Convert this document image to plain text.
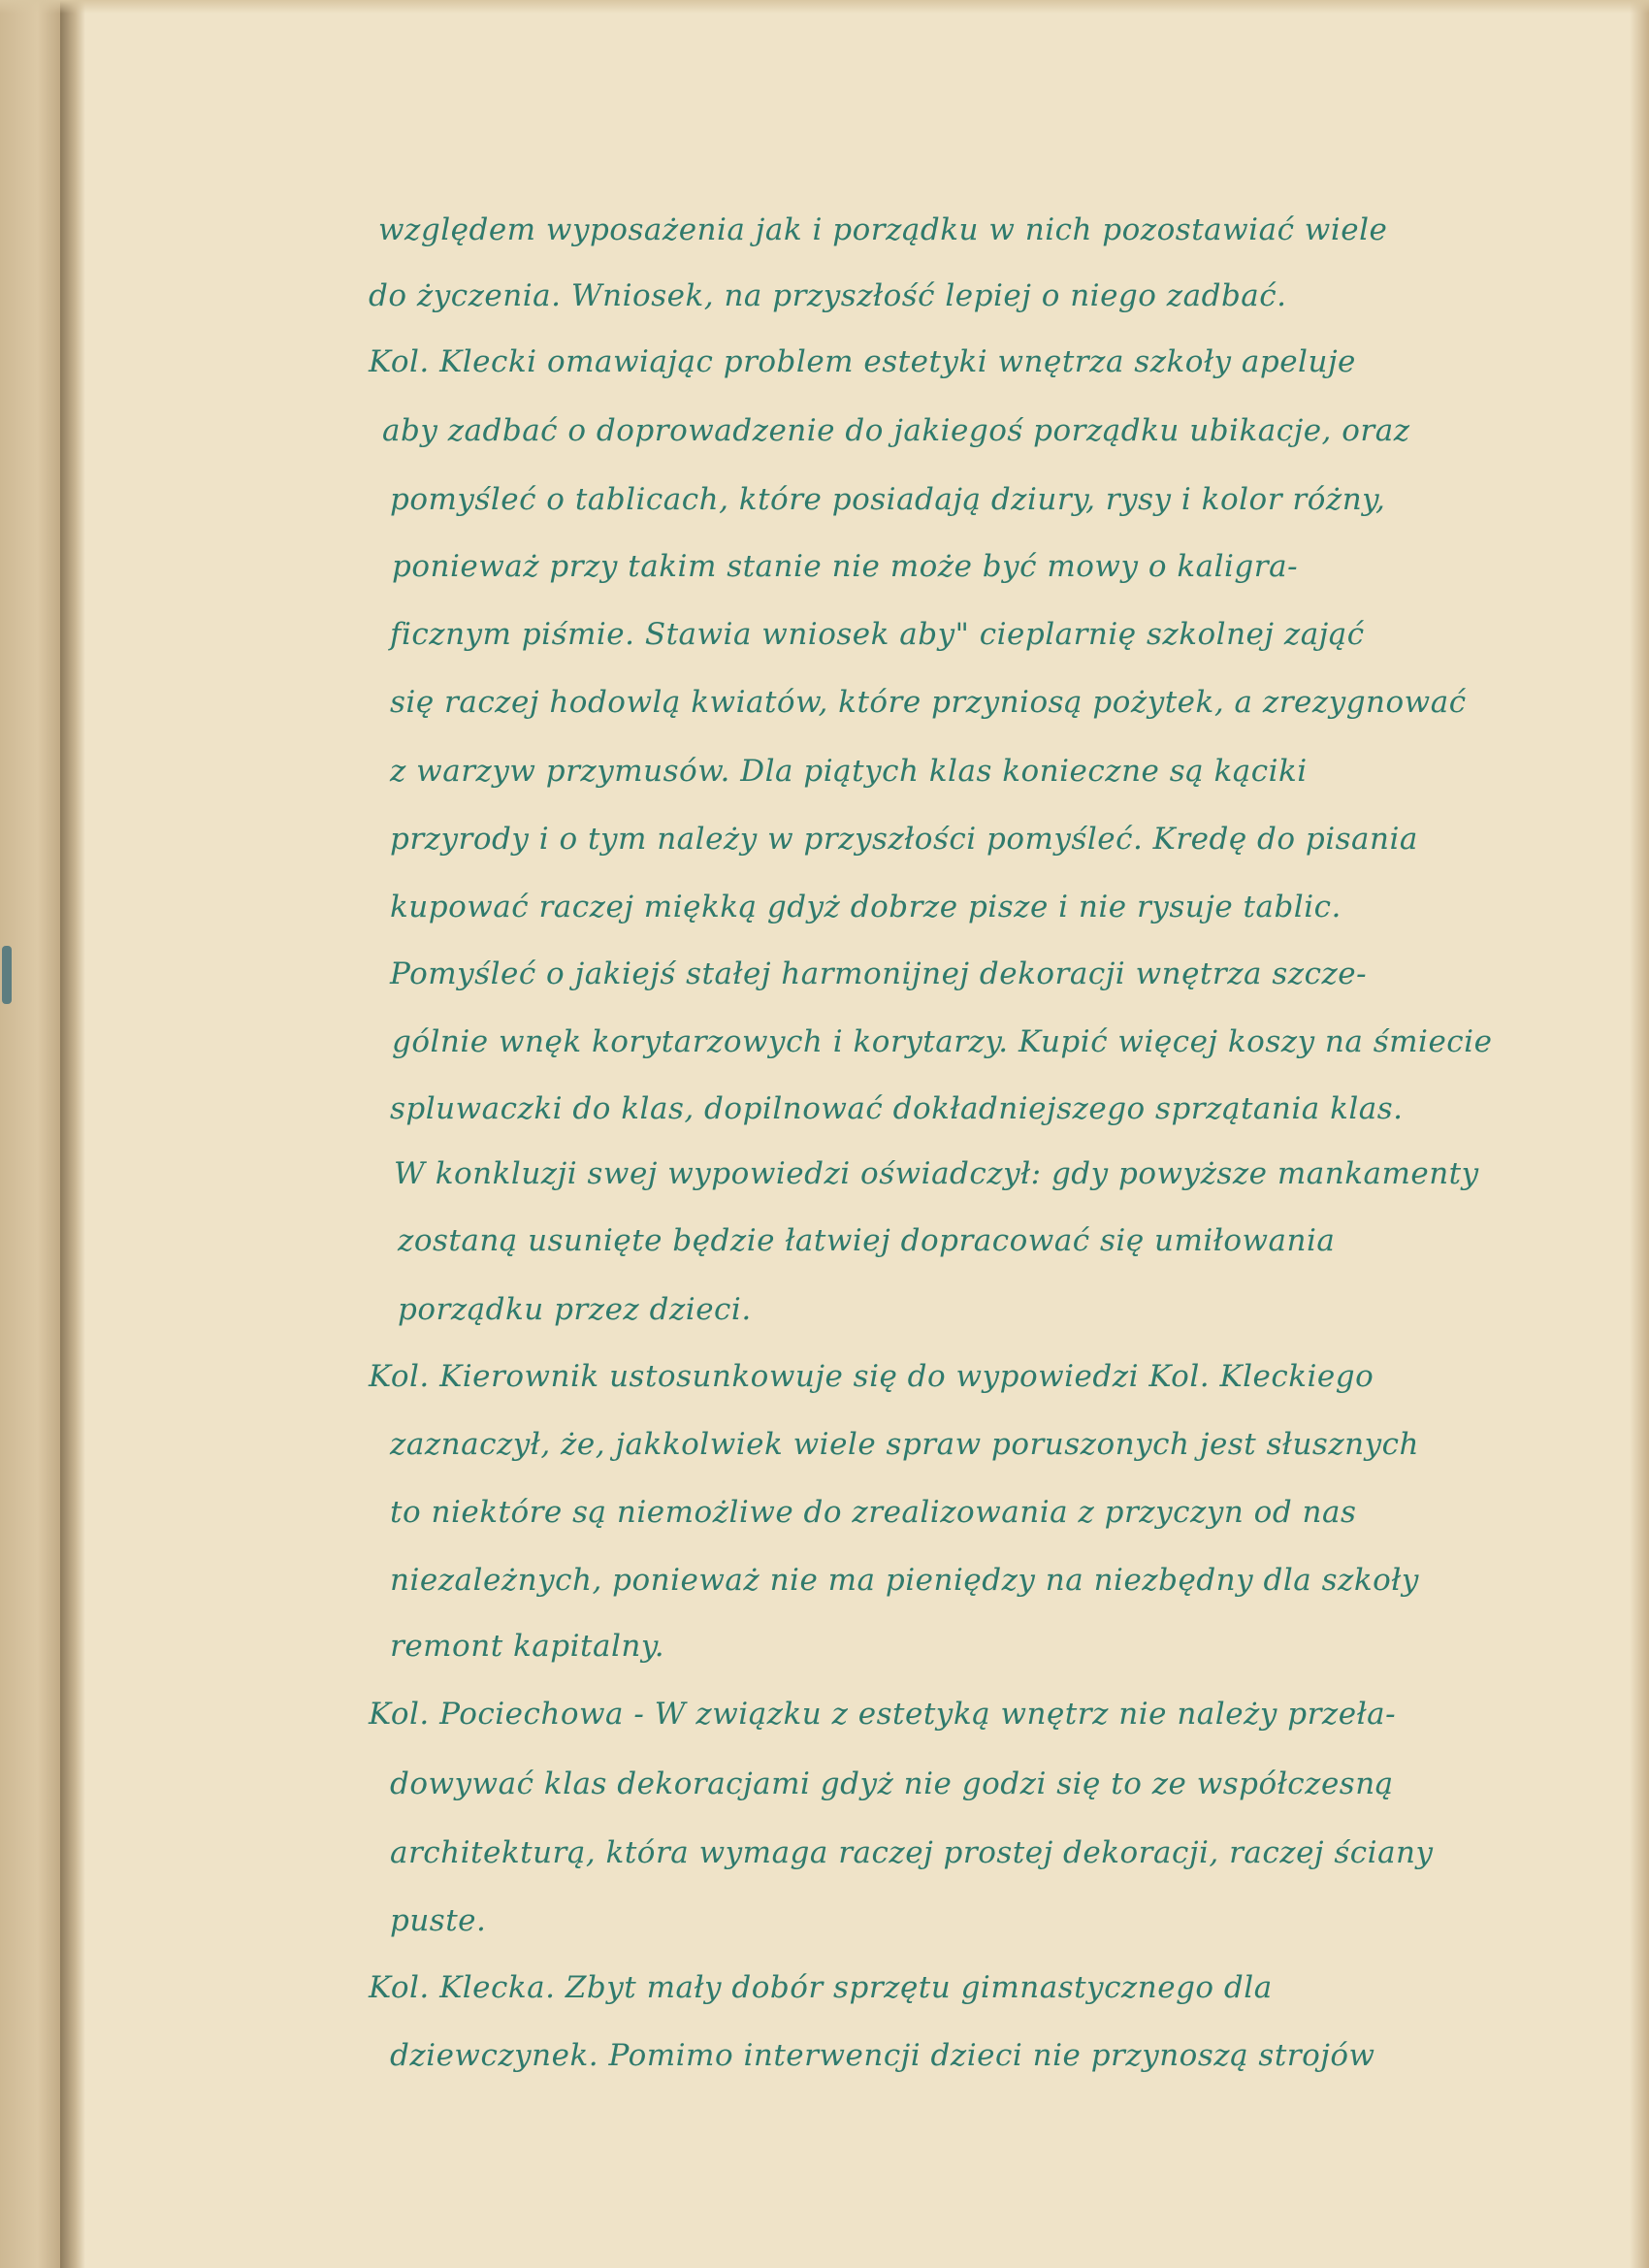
względem wyposażenia jak i porządku w nich pozostawiać wiele
do życzenia. Wniosek, na przyszłość lepiej o niego zadbać.
Kol. Klecki omawiając problem estetyki wnętrza szkoły apeluje
aby zadbać o doprowadzenie do jakiegoś porządku ubikacje, oraz
pomyśleć o tablicach, które posiadają dziury, rysy i kolor różny,
ponieważ przy takim stanie nie może być mowy o kaligra-
ficznym piśmie. Stawia wniosek aby" cieplarnię szkolnej zająć
się raczej hodowlą kwiatów, które przyniosą pożytek, a zrezygnować
z warzyw przymusów. Dla piątych klas konieczne są kąciki
przyrody i o tym należy w przyszłości pomyśleć. Kredę do pisania
kupować raczej miękką gdyż dobrze pisze i nie rysuje tablic.
Pomyśleć o jakiejś stałej harmonijnej dekoracji wnętrza szcze-
gólnie wnęk korytarzowych i korytarzy. Kupić więcej koszy na śmiecie
spluwaczki do klas, dopilnować dokładniejszego sprzątania klas.
W konkluzji swej wypowiedzi oświadczył: gdy powyższe mankamenty
zostaną usunięte będzie łatwiej dopracować się umiłowania
porządku przez dzieci.
Kol. Kierownik ustosunkowuje się do wypowiedzi Kol. Kleckiego
zaznaczył, że, jakkolwiek wiele spraw poruszonych jest słusznych
to niektóre są niemożliwe do zrealizowania z przyczyn od nas
niezależnych, ponieważ nie ma pieniędzy na niezbędny dla szkoły
remont kapitalny.
Kol. Pociechowa - W związku z estetyką wnętrz nie należy przeła-
dowywać klas dekoracjami gdyż nie godzi się to ze współczesną
architekturą, która wymaga raczej prostej dekoracji, raczej ściany
puste.
Kol. Klecka. Zbyt mały dobór sprzętu gimnastycznego dla
dziewczynek. Pomimo interwencji dzieci nie przynoszą strojów
